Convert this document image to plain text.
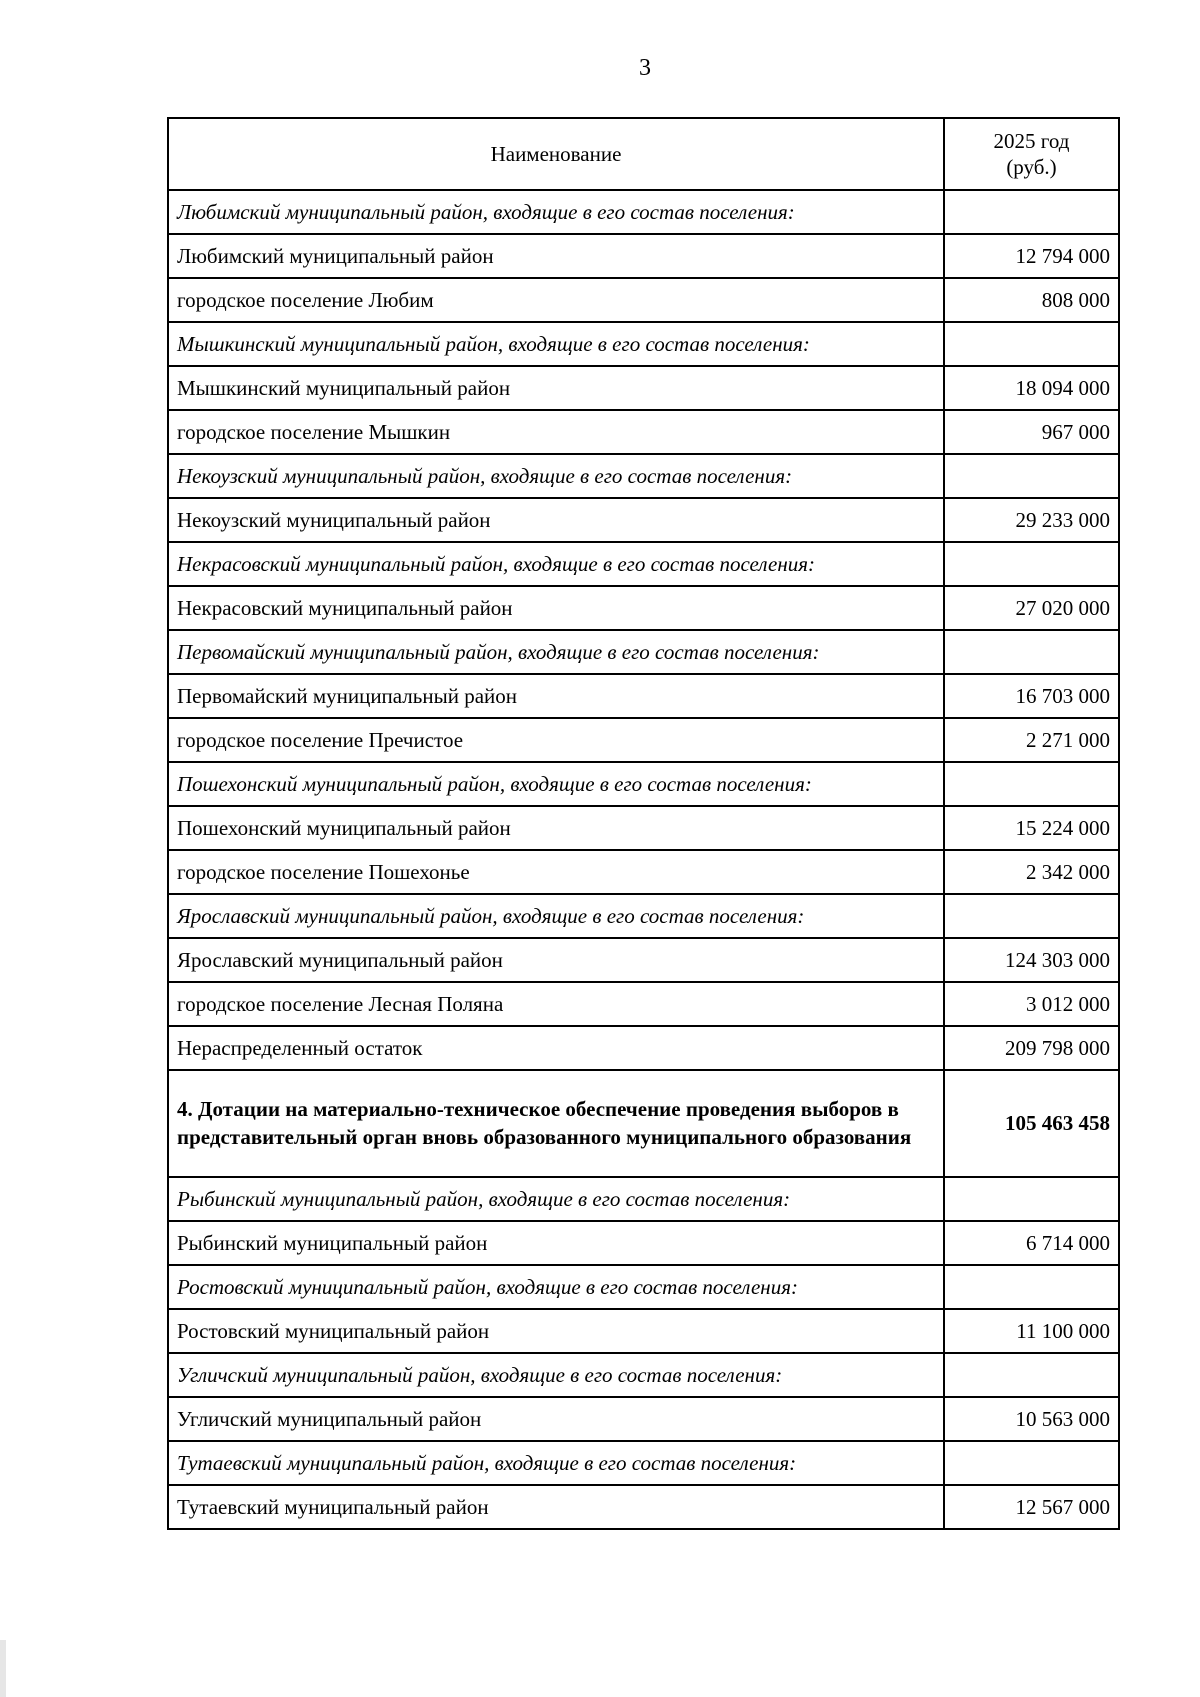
3
Наименование	2025 год
(руб.)
Любимский муниципальный район, входящие в его состав поселения:	
Любимский муниципальный район	12 794 000
городское поселение Любим	808 000
Мышкинский муниципальный район, входящие в его состав поселения:	
Мышкинский муниципальный район	18 094 000
городское поселение Мышкин	967 000
Некоузский муниципальный район, входящие в его состав поселения:	
Некоузский муниципальный район	29 233 000
Некрасовский муниципальный район, входящие в его состав поселения:	
Некрасовский муниципальный район	27 020 000
Первомайский муниципальный район, входящие в его состав поселения:	
Первомайский муниципальный район	16 703 000
городское поселение Пречистое	2 271 000
Пошехонский муниципальный район, входящие в его состав поселения:	
Пошехонский муниципальный район	15 224 000
городское поселение Пошехонье	2 342 000
Ярославский муниципальный район, входящие в его состав поселения:	
Ярославский муниципальный район	124 303 000
городское поселение Лесная Поляна	3 012 000
Нераспределенный остаток	209 798 000
4. Дотации на материально-техническое обеспечение проведения выборов в представительный орган вновь образованного муниципального образования	105 463 458
Рыбинский муниципальный район, входящие в его состав поселения:	
Рыбинский муниципальный район	6 714 000
Ростовский муниципальный район, входящие в его состав поселения:	
Ростовский муниципальный район	11 100 000
Угличский муниципальный район, входящие в его состав поселения:	
Угличский муниципальный район	10 563 000
Тутаевский муниципальный район, входящие в его состав поселения:	
Тутаевский муниципальный район	12 567 000
